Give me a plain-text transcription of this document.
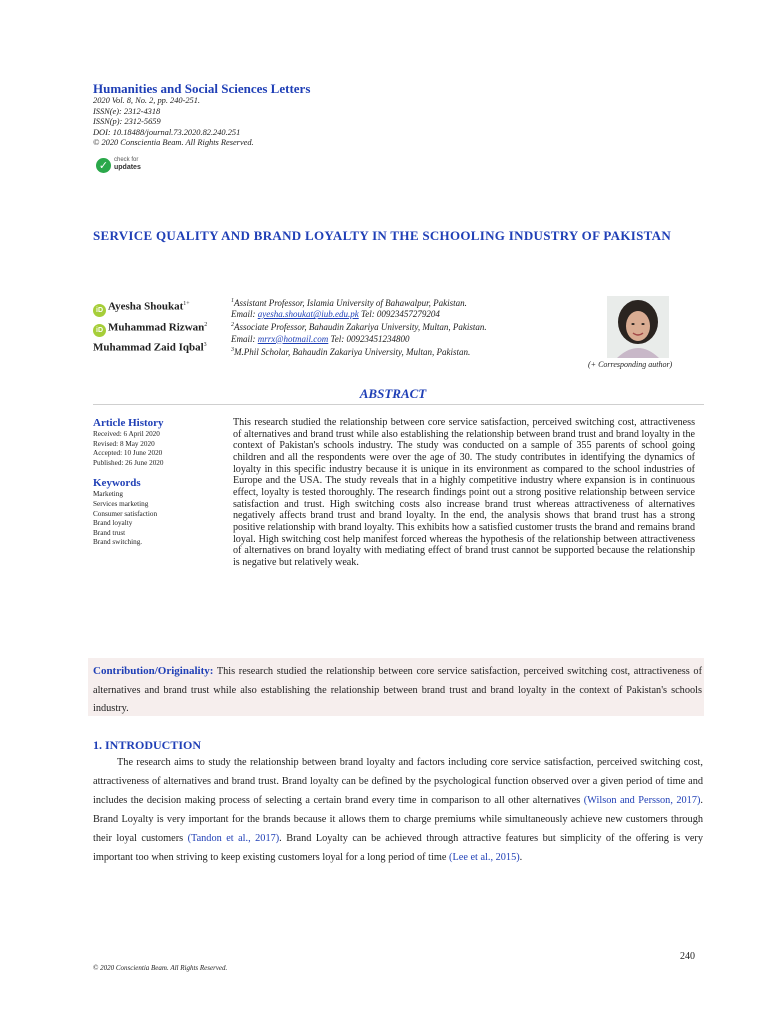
Humanities and Social Sciences Letters
2020 Vol. 8, No. 2, pp. 240-251.
ISSN(e): 2312-4318
ISSN(p): 2312-5659
DOI: 10.18488/journal.73.2020.82.240.251
© 2020 Conscientia Beam. All Rights Reserved.
✓ check for
updates
SERVICE QUALITY AND BRAND LOYALTY IN THE SCHOOLING INDUSTRY OF PAKISTAN
iD Ayesha Shoukat$^{1+}$
iD Muhammad Rizwan$^2$
Muhammad Zaid Iqbal$^3$
$^1$Assistant Professor, Islamia University of Bahawalpur, Pakistan.
Email: ayesha.shoukat@iub.edu.pk Tel: 00923457279204
$^2$Associate Professor, Bahaudin Zakariya University, Multan, Pakistan.
Email: mrrx@hotmail.com Tel: 00923451234800
$^3$M.Phil Scholar, Bahaudin Zakariya University, Multan, Pakistan.
(+ Corresponding author)
ABSTRACT
Article History
Received: 6 April 2020
Revised: 8 May 2020
Accepted: 10 June 2020
Published: 26 June 2020
Keywords
Marketing
Services marketing
Consumer satisfaction
Brand loyalty
Brand trust
Brand switching.
This research studied the relationship between core service satisfaction, perceived switching cost, attractiveness of alternatives and brand trust while also establishing the relationship between brand trust and brand loyalty in the context of Pakistan's schools industry. The study was conducted on a sample of 355 parents of school going children and all the respondents were over the age of 30. The study contributes in identifying the dynamics of loyalty in this specific industry because it is unique in its environment as compared to the school industries of Europe and the USA. The study reveals that in a highly competitive industry where expansion is in continuous effect, loyalty is tested thoroughly. The research findings point out a strong positive relationship between service satisfaction and trust. High switching costs also increase brand trust whereas attractiveness of alternatives negatively affects brand trust and brand loyalty. In the end, the analysis shows that brand trust has a strong positive relationship with brand loyalty. This exhibits how a satisfied customer trusts the brand and remains brand loyal. High switching cost help manifest forced whereas the hypothesis of the relationship between attractiveness of alternatives on brand loyalty with mediating effect of brand trust cannot be supported because the relationship is negative but relatively weak.
Contribution/Originality: This research studied the relationship between core service satisfaction, perceived switching cost, attractiveness of alternatives and brand trust while also establishing the relationship between brand trust and brand loyalty in the context of Pakistan's schools industry.
1. INTRODUCTION
The research aims to study the relationship between brand loyalty and factors including core service satisfaction, perceived switching cost, attractiveness of alternatives and brand trust. Brand loyalty can be defined by the psychological function observed over a given period of time and includes the decision making process of selecting a certain brand every time in comparison to all other alternatives (Wilson and Persson, 2017). Brand Loyalty is very important for the brands because it allows them to charge premiums while simultaneously achieve new customers through their loyal customers (Tandon et al., 2017). Brand Loyalty can be achieved through attractive features but simplicity of the offering is very important too when striving to keep existing customers loyal for a long period of time (Lee et al., 2015).
240
© 2020 Conscientia Beam. All Rights Reserved.
